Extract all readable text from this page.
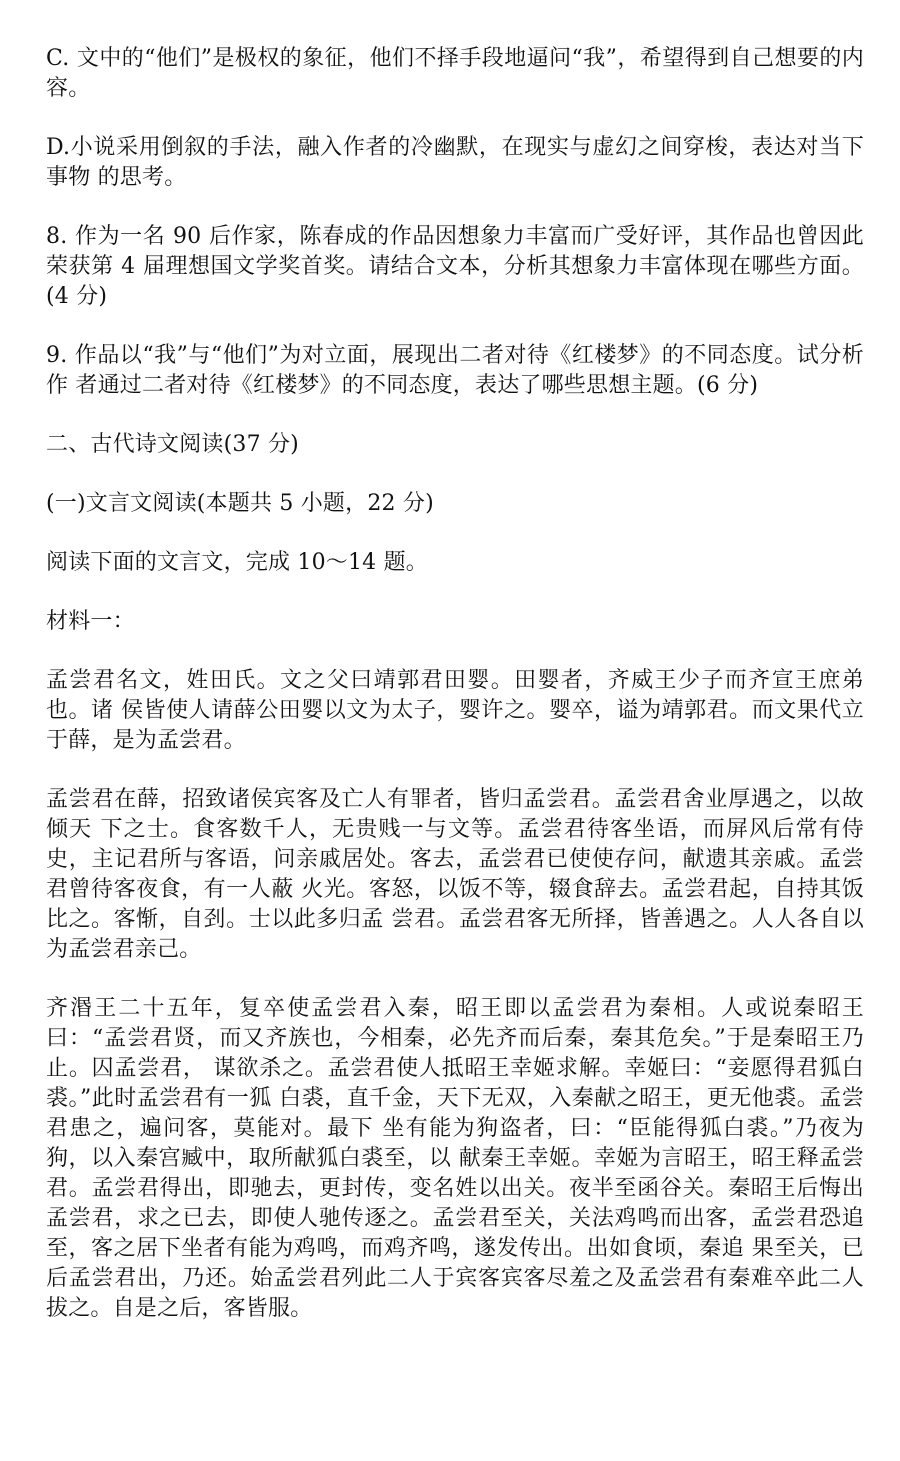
C. 文中的“他们”是极权的象征，他们不择手段地逼问“我”，希望得到自己想要的内容。

D.小说采用倒叙的手法，融入作者的冷幽默，在现实与虚幻之间穿梭，表达对当下事物 的思考。

8. 作为一名 90 后作家，陈春成的作品因想象力丰富而广受好评，其作品也曾因此荣获第 4 届理想国文学奖首奖。请结合文本，分析其想象力丰富体现在哪些方面。(4 分)

9. 作品以“我”与“他们”为对立面，展现出二者对待《红楼梦》的不同态度。试分析作 者通过二者对待《红楼梦》的不同态度，表达了哪些思想主题。(6 分)

二、古代诗文阅读(37 分)

(一)文言文阅读(本题共 5 小题，22 分)

阅读下面的文言文，完成 10～14 题。

材料一：

孟尝君名文，姓田氏。文之父曰靖郭君田婴。田婴者，齐威王少子而齐宣王庶弟也。诸 侯皆使人请薛公田婴以文为太子，婴许之。婴卒，谥为靖郭君。而文果代立于薛，是为孟尝君。

孟尝君在薛，招致诸侯宾客及亡人有罪者，皆归孟尝君。孟尝君舍业厚遇之，以故倾天 下之士。食客数千人，无贵贱一与文等。孟尝君待客坐语，而屏风后常有侍史，主记君所与客语，问亲戚居处。客去，孟尝君已使使存问，献遗其亲戚。孟尝君曾待客夜食，有一人蔽 火光。客怒，以饭不等，辍食辞去。孟尝君起，自持其饭比之。客惭，自刭。士以此多归孟 尝君。孟尝君客无所择，皆善遇之。人人各自以为孟尝君亲己。

齐湣王二十五年，复卒使孟尝君入秦，昭王即以孟尝君为秦相。人或说秦昭王曰：“孟尝君贤，而又齐族也，今相秦，必先齐而后秦，秦其危矣。”于是秦昭王乃止。囚孟尝君， 谋欲杀之。孟尝君使人抵昭王幸姬求解。幸姬曰：“妾愿得君狐白裘。”此时孟尝君有一狐 白裘，直千金，天下无双，入秦献之昭王，更无他裘。孟尝君患之，遍问客，莫能对。最下 坐有能为狗盗者，曰：“臣能得狐白裘。”乃夜为狗，以入秦宫臧中，取所献狐白裘至，以 献秦王幸姬。幸姬为言昭王，昭王释孟尝君。孟尝君得出，即驰去，更封传，变名姓以出关。夜半至函谷关。秦昭王后悔出孟尝君，求之已去，即使人驰传逐之。孟尝君至关，关法鸡鸣而出客，孟尝君恐追至，客之居下坐者有能为鸡鸣，而鸡齐鸣，遂发传出。出如食顷，秦追 果至关，已后孟尝君出，乃还。始孟尝君列此二人于宾客宾客尽羞之及孟尝君有秦难卒此二人拔之。自是之后，客皆服。
